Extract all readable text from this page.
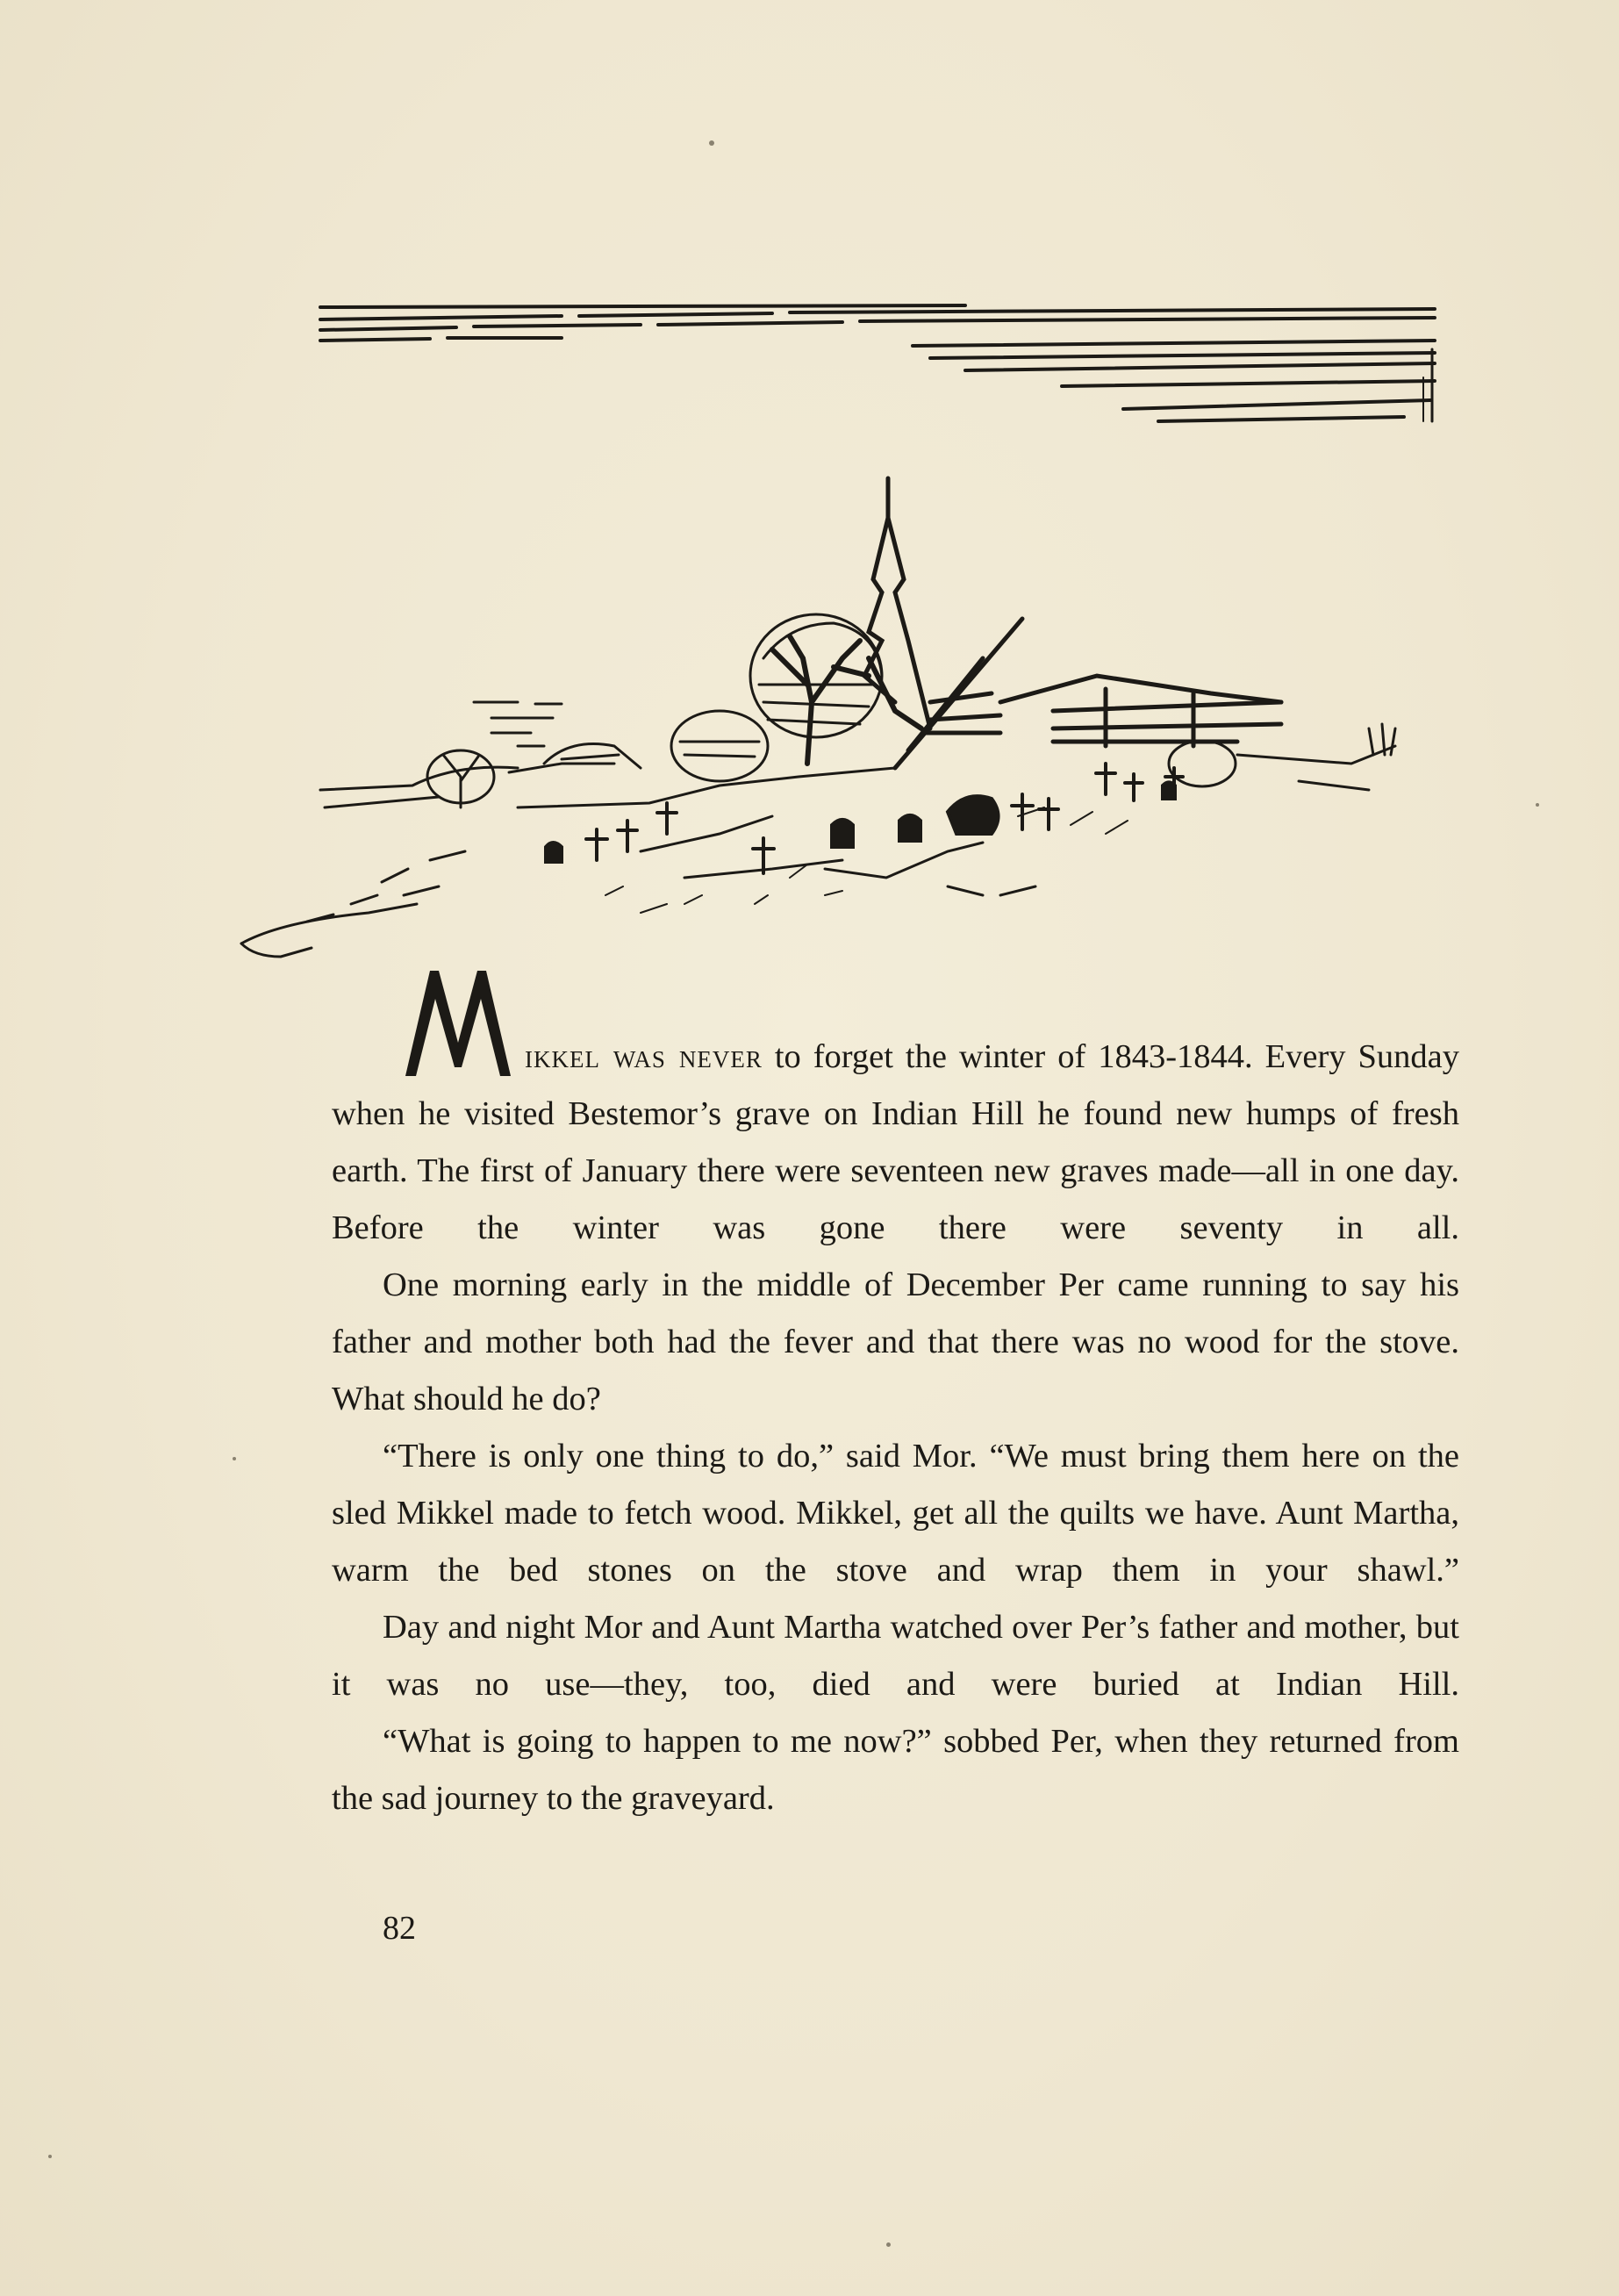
ikkel was never to forget the winter of 1843-1844. Every Sunday when he visited Bestemor’s grave on Indian Hill he found new humps of fresh earth. The first of January there were seventeen new graves made—all in one day. Before the winter was gone there were seventy in all.

One morning early in the middle of December Per came running to say his father and mother both had the fever and that there was no wood for the stove. What should he do?

“There is only one thing to do,” said Mor. “We must bring them here on the sled Mikkel made to fetch wood. Mikkel, get all the quilts we have. Aunt Martha, warm the bed stones on the stove and wrap them in your shawl.”

Day and night Mor and Aunt Martha watched over Per’s father and mother, but it was no use—they, too, died and were buried at Indian Hill.

“What is going to happen to me now?” sobbed Per, when they returned from the sad journey to the graveyard.

82
